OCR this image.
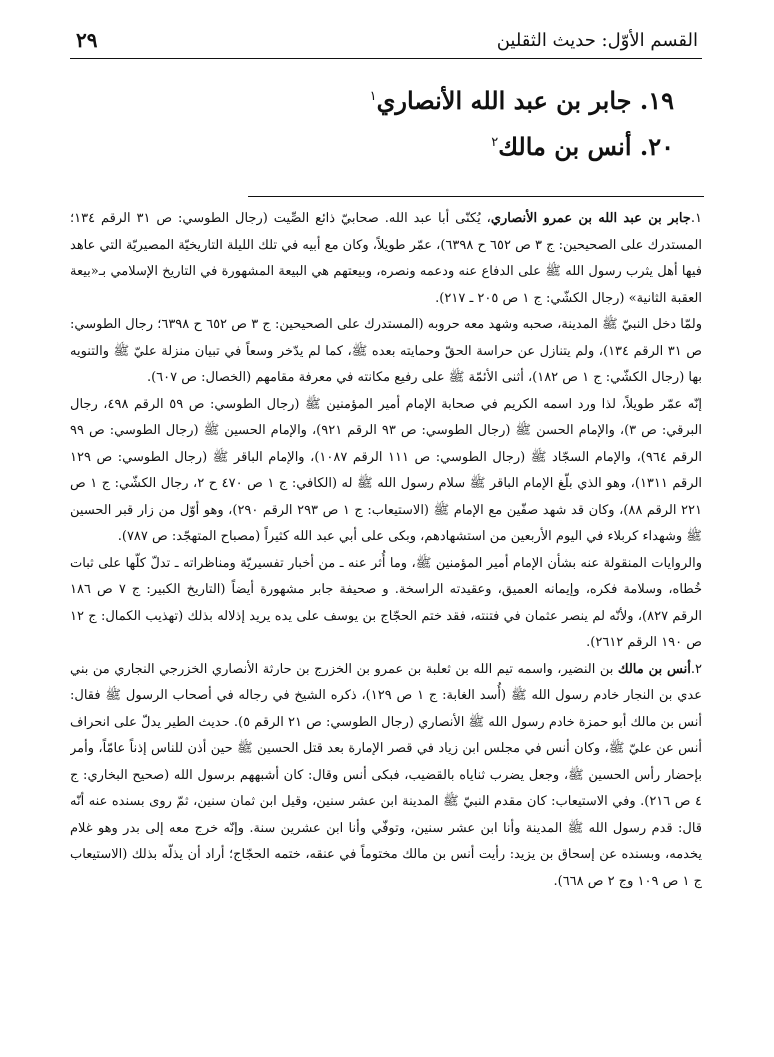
القسم الأوّل: حديث الثقلين
٢٩
١٩. جابر بن عبد الله الأنصاري$^١$
٢٠. أنس بن مالك$^٢$

١.جابر بن عبد الله بن عمرو الأنصاري، يُكنّى أبا عبد الله. صحابيّ ذائع الصِّيت (رجال الطوسي: ص ٣١ الرقم ١٣٤؛ المستدرك على الصحيحين: ج ٣ ص ٦٥٢ ح ٦٣٩٨)، عمّر طويلاً، وكان مع أبيه في تلك الليلة التاريخيّة المصيريّة التي عاهد فيها أهل يثرب رسول الله ﷺ على الدفاع عنه ودعمه ونصره، وبيعتهم هي البيعة المشهورة في التاريخ الإسلامي بـ«بيعة العقبة الثانية» (رجال الكشّي: ج ١ ص ٢٠٥ ـ ٢١٧).

ولمّا دخل النبيّ ﷺ المدينة، صحبه وشهد معه حروبه (المستدرك على الصحيحين: ج ٣ ص ٦٥٢ ح ٦٣٩٨؛ رجال الطوسي: ص ٣١ الرقم ١٣٤)، ولم يتنازل عن حراسة الحقّ وحمايته بعده ﷺ، كما لم يدّخر وسعاً في تبيان منزلة عليّ ﷺ والتنويه بها (رجال الكشّي: ج ١ ص ١٨٢)، أثنى الأئمّة ﷺ على رفيع مكانته في معرفة مقامهم (الخصال: ص ٦٠٧).

إنّه عمّر طويلاً، لذا ورد اسمه الكريم في صحابة الإمام أمير المؤمنين ﷺ (رجال الطوسي: ص ٥٩ الرقم ٤٩٨، رجال البرقي: ص ٣)، والإمام الحسن ﷺ (رجال الطوسي: ص ٩٣ الرقم ٩٢١)، والإمام الحسين ﷺ (رجال الطوسي: ص ٩٩ الرقم ٩٦٤)، والإمام السجّاد ﷺ (رجال الطوسي: ص ١١١ الرقم ١٠٨٧)، والإمام الباقر ﷺ (رجال الطوسي: ص ١٢٩ الرقم ١٣١١)، وهو الذي بلّغ الإمام الباقر ﷺ سلام رسول الله ﷺ له (الكافي: ج ١ ص ٤٧٠ ح ٢، رجال الكشّي: ج ١ ص ٢٢١ الرقم ٨٨)، وكان قد شهد صفّين مع الإمام ﷺ (الاستيعاب: ج ١ ص ٢٩٣ الرقم ٢٩٠)، وهو أوّل من زار قبر الحسين ﷺ وشهداء كربلاء في اليوم الأربعين من استشهادهم، وبكى على أبي عبد الله كثيراً (مصباح المتهجّد: ص ٧٨٧).

والروايات المنقولة عنه بشأن الإمام أمير المؤمنين ﷺ، وما أُثر عنه ـ من أخبار تفسيريّة ومناظراته ـ تدلّ كلّها على ثبات خُطاه، وسلامة فكره، وإيمانه العميق، وعقيدته الراسخة. و صحيفة جابر مشهورة أيضاً (التاريخ الكبير: ج ٧ ص ١٨٦ الرقم ٨٢٧)، ولأنّه لم ينصر عثمان في فتنته، فقد ختم الحجّاج بن يوسف على يده يريد إذلاله بذلك (تهذيب الكمال: ج ١٢ ص ١٩٠ الرقم ٢٦١٢).

٢.أنس بن مالك بن النضير، واسمه تيم الله بن ثعلبة بن عمرو بن الخزرج بن حارثة الأنصاري الخزرجي النجاري من بني عدي بن النجار خادم رسول الله ﷺ (أُسد الغابة: ج ١ ص ١٢٩)، ذكره الشيخ في رجاله في أصحاب الرسول ﷺ فقال: أنس بن مالك أبو حمزة خادم رسول الله ﷺ الأنصاري (رجال الطوسي: ص ٢١ الرقم ٥). حديث الطير يدلّ على انحراف أنس عن عليّ ﷺ، وكان أنس في مجلس ابن زياد في قصر الإمارة بعد قتل الحسين ﷺ حين أذن للناس إذناً عامّاً، وأمر بإحضار رأس الحسين ﷺ، وجعل يضرب ثناياه بالقضيب، فبكى أنس وقال: كان أشبههم برسول الله (صحيح البخاري: ج ٤ ص ٢١٦). وفي الاستيعاب: كان مقدم النبيّ ﷺ المدينة ابن عشر سنين، وقيل ابن ثمان سنين، ثمّ روى بسنده عنه أنّه قال: قدم رسول الله ﷺ المدينة وأنا ابن عشر سنين، وتوفّي وأنا ابن عشرين سنة. وإنّه خرج معه إلى بدر وهو غلام يخدمه، وبسنده عن إسحاق بن يزيد: رأيت أنس بن مالك مختوماً في عنقه، ختمه الحجّاج؛ أراد أن يذلّه بذلك (الاستيعاب ج ١ ص ١٠٩ وج ٢ ص ٦٦٨).
